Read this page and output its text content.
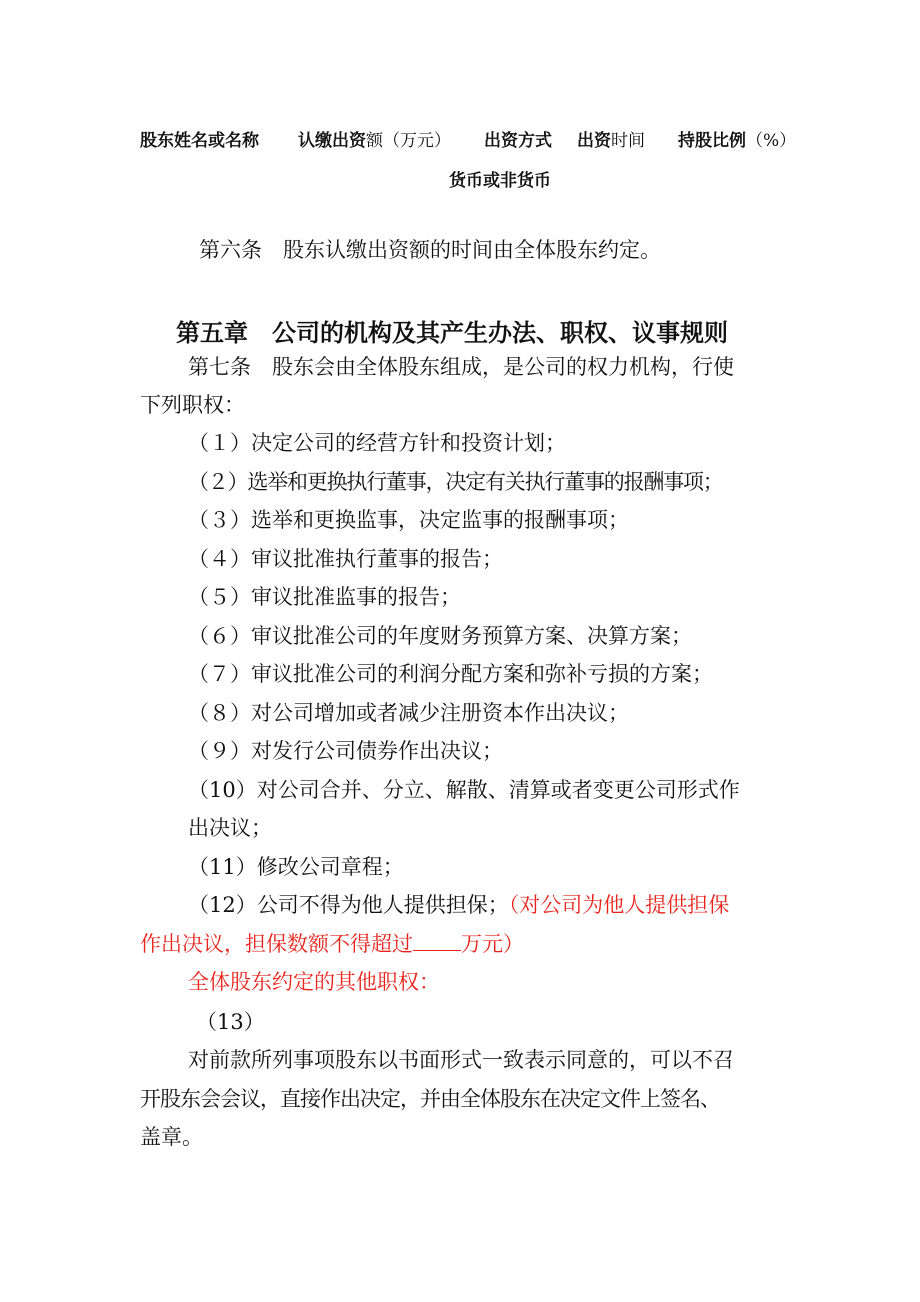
股东姓名或名称 认缴出资额（万元） 出资方式 出资时间 持股比例（%）
货币或非货币
第六条　股东认缴出资额的时间由全体股东约定。
第五章　公司的机构及其产生办法、职权、议事规则
第七条　股东会由全体股东组成，是公司的权力机构，行使
下列职权：
（１）决定公司的经营方针和投资计划；
（２）选举和更换执行董事，决定有关执行董事的报酬事项；
（３）选举和更换监事，决定监事的报酬事项；
（４）审议批准执行董事的报告；
（５）审议批准监事的报告；
（６）审议批准公司的年度财务预算方案、决算方案；
（７）审议批准公司的利润分配方案和弥补亏损的方案；
（８）对公司增加或者减少注册资本作出决议；
（９）对发行公司债券作出决议；
（10）对公司合并、分立、解散、清算或者变更公司形式作
出决议；
（11）修改公司章程；
（12）公司不得为他人提供担保；（对公司为他人提供担保
作出决议，担保数额不得超过 万元）
全体股东约定的其他职权：
（13）
对前款所列事项股东以书面形式一致表示同意的，可以不召
开股东会会议，直接作出决定，并由全体股东在决定文件上签名、
盖章。
